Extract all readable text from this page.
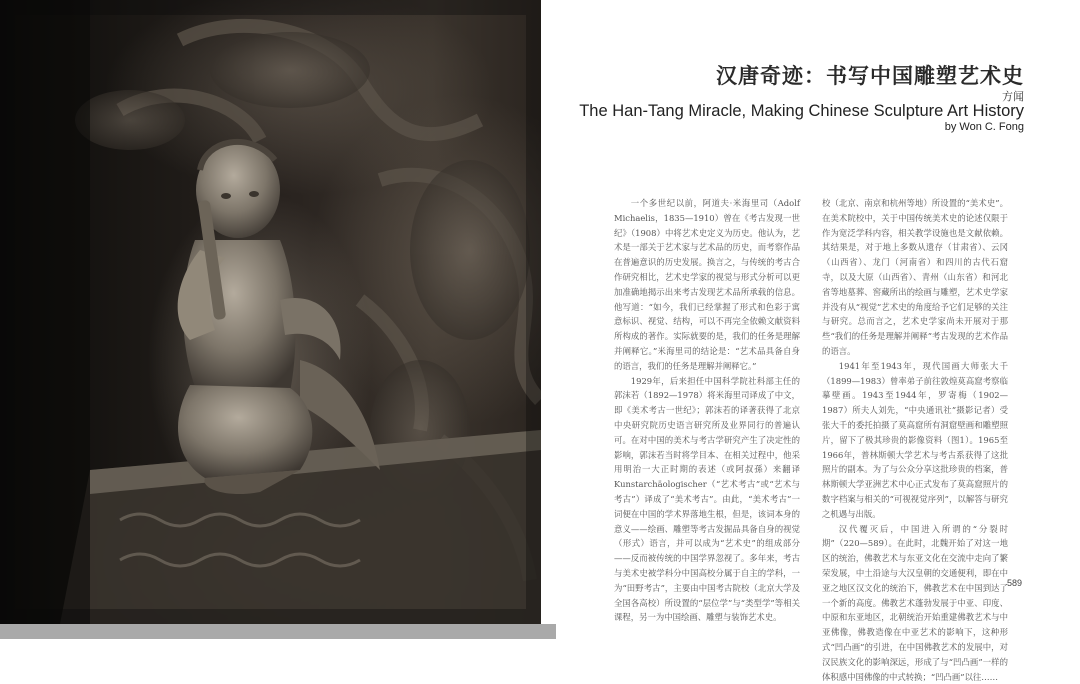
汉唐奇迹：书写中国雕塑艺术史
方闻
The Han-Tang Miracle, Making Chinese Sculpture Art History
by Won C. Fong

一个多世纪以前，阿道夫·米海里司（Adolf Michaelis，1835—1910）曾在《考古发现一世纪》（1908）中将艺术史定义为历史。他认为，艺术是一部关于艺术家与艺术品的历史，而考察作品在普遍意识的历史发展。换言之，与传统的考古合作研究相比，艺术史学家的视觉与形式分析可以更加准确地揭示出来考古发现艺术品所承载的信息。他写道：“如今，我们已经掌握了形式和色彩于寓意标识、视觉、结构，可以不再完全依赖文献资料所构成的著作。实际就要的是，我们的任务是理解并阐释它。”米海里司的结论是：“艺术品具备自身的语言，我们的任务是理解并阐释它。”

1929年，后来担任中国科学院社科部主任的郭沫若（1892—1978）将米海里司译成了中文，即《美术考古一世纪》；郭沫若的译著获得了北京中央研究院历史语言研究所及业界同行的普遍认可。在对中国的美术与考古学研究产生了决定性的影响，郭沫若当时将学目本、在相关过程中，他采用明治一大正时期的表述（或阿叔孫）来翻译Kunstarchäologischer（“艺术考古”或“艺术与考古”）译成了“美术考古”。由此，“美术考古”一词便在中国的学术界落地生根，但是，该词本身的意义——绘画、雕塑等考古发掘品具备自身的视觉（形式）语言，并可以成为“艺术史”的组成部分——反而被传统的中国学界忽视了。多年来，考古与美术史被学科分中国高校分属于自主的学科，一为“田野考古”，主要由中国考古院校（北京大学及全国各高校）所设置的“层位学”与“类型学”等相关课程，另一为中国绘画、雕塑与装饰艺术史。

校（北京、南京和杭州等地）所设置的“美术史”。在美术院校中，关于中国传统美术史的论述仅限于作为宽泛学科内容，相关教学设施也是文献依赖。其结果是，对于地上多数从遗存（甘肃省）、云冈（山西省）、龙门（河南省）和四川的古代石窟寺，以及大原（山西省）、青州（山东省）和河北省等地墓葬、窖藏所出的绘画与雕塑，艺术史学家并没有从“视觉”艺术史的角度给予它们足够的关注与研究。总而言之，艺术史学家尚未开展对于那些“我们的任务是理解并阐释”考古发现的艺术作品的语言。

1941年至1943年，现代国画大师张大千（1899—1983）曾率弟子前往敦煌莫高窟考察临摹壁画。1943至1944年，罗寄梅（1902—1987）所夫人刘先，“中央通讯社”摄影记者）受张大千的委托拍摄了莫高窟所有洞窟壁画和雕塑照片，留下了极其珍贵的影像资料（图1）。1965至1966年，普林斯顿大学艺术与考古系获得了这批照片的副本。为了与公众分享这批珍贵的档案，普林斯顿大学亚洲艺术中心正式发布了莫高窟照片的数字档案与相关的“可视视觉序列”，以解答与研究之机遇与出版。

汉代覆灭后，中国进入所谓的“分裂时期”（220—589）。在此时，北魏开始了对这一地区的统治，佛教艺术与东亚文化在交流中走向了繁荣发展，中土沿途与大汉皇朝的交通便利，即在中亚之地区汉文化的统治下，佛教艺术在中国到达了一个新的高度。佛教艺术蓬勃发展于中亚、印度、中原和东亚地区，北朝统治开始重建佛教艺术与中亚佛像，佛教造像在中亚艺术的影响下，这种形式“凹凸画”的引进，在中国佛教艺术的发展中，对汉民族文化的影响深远，形成了与“凹凸画”一样的体积感中国佛像的中式转换；“凹凸画”以往……

589
